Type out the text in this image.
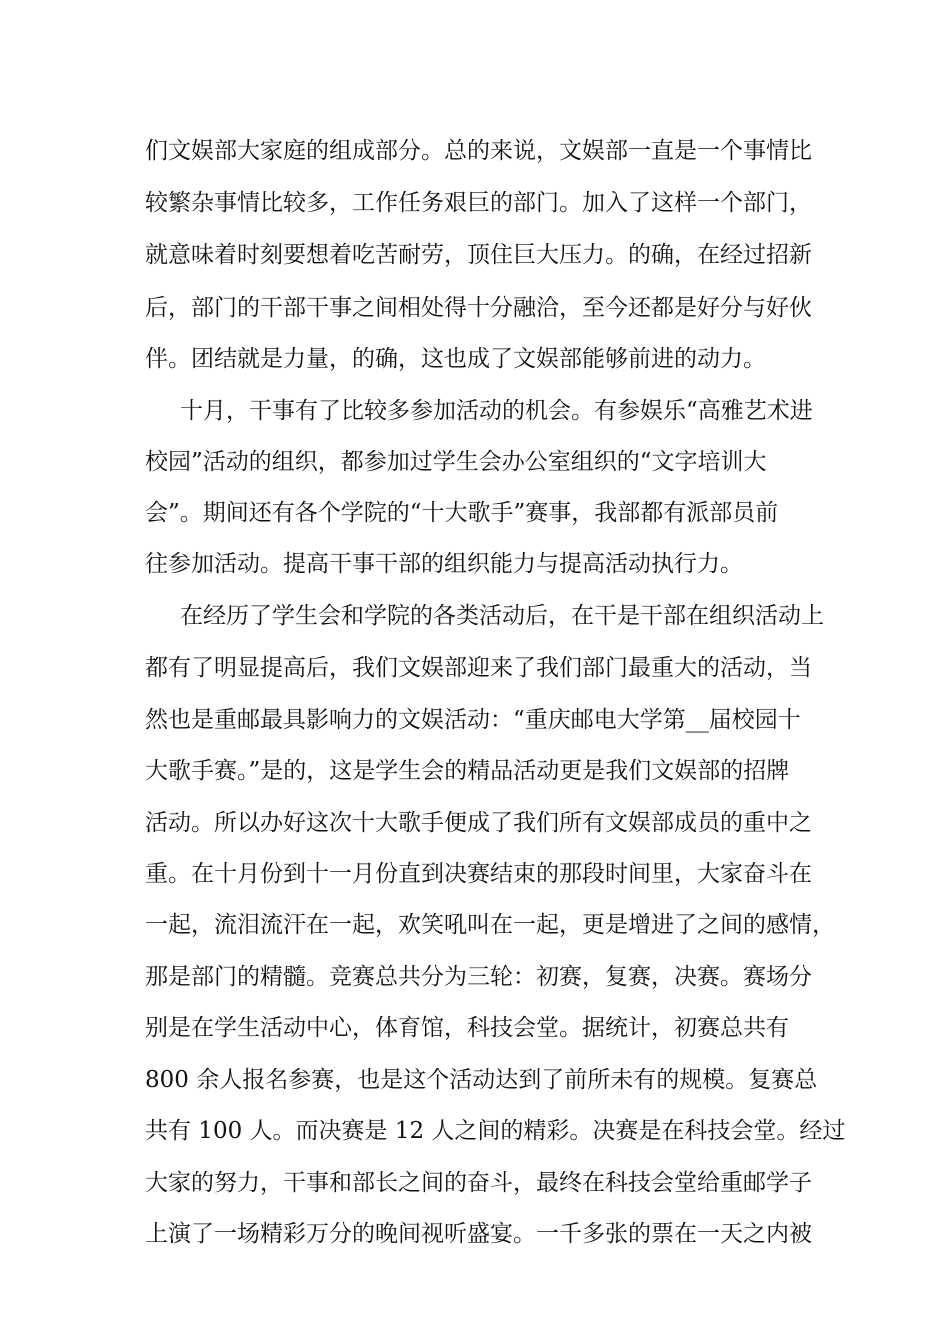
们文娱部大家庭的组成部分。总的来说，文娱部一直是一个事情比
较繁杂事情比较多，工作任务艰巨的部门。加入了这样一个部门，
就意味着时刻要想着吃苦耐劳，顶住巨大压力。的确，在经过招新
后，部门的干部干事之间相处得十分融洽，至今还都是好分与好伙
伴。团结就是力量，的确，这也成了文娱部能够前进的动力。
十月，干事有了比较多参加活动的机会。有参娱乐“高雅艺术进
校园”活动的组织，都参加过学生会办公室组织的“文字培训大
会”。期间还有各个学院的“十大歌手”赛事，我部都有派部员前
往参加活动。提高干事干部的组织能力与提高活动执行力。
在经历了学生会和学院的各类活动后，在干是干部在组织活动上
都有了明显提高后，我们文娱部迎来了我们部门最重大的活动，当
然也是重邮最具影响力的文娱活动：“重庆邮电大学第__届校园十
大歌手赛。”是的，这是学生会的精品活动更是我们文娱部的招牌
活动。所以办好这次十大歌手便成了我们所有文娱部成员的重中之
重。在十月份到十一月份直到决赛结束的那段时间里，大家奋斗在
一起，流泪流汗在一起，欢笑吼叫在一起，更是增进了之间的感情，
那是部门的精髓。竞赛总共分为三轮：初赛，复赛，决赛。赛场分
别是在学生活动中心，体育馆，科技会堂。据统计，初赛总共有
800 余人报名参赛，也是这个活动达到了前所未有的规模。复赛总
共有 100 人。而决赛是 12 人之间的精彩。决赛是在科技会堂。经过
大家的努力，干事和部长之间的奋斗，最终在科技会堂给重邮学子
上演了一场精彩万分的晚间视听盛宴。一千多张的票在一天之内被
